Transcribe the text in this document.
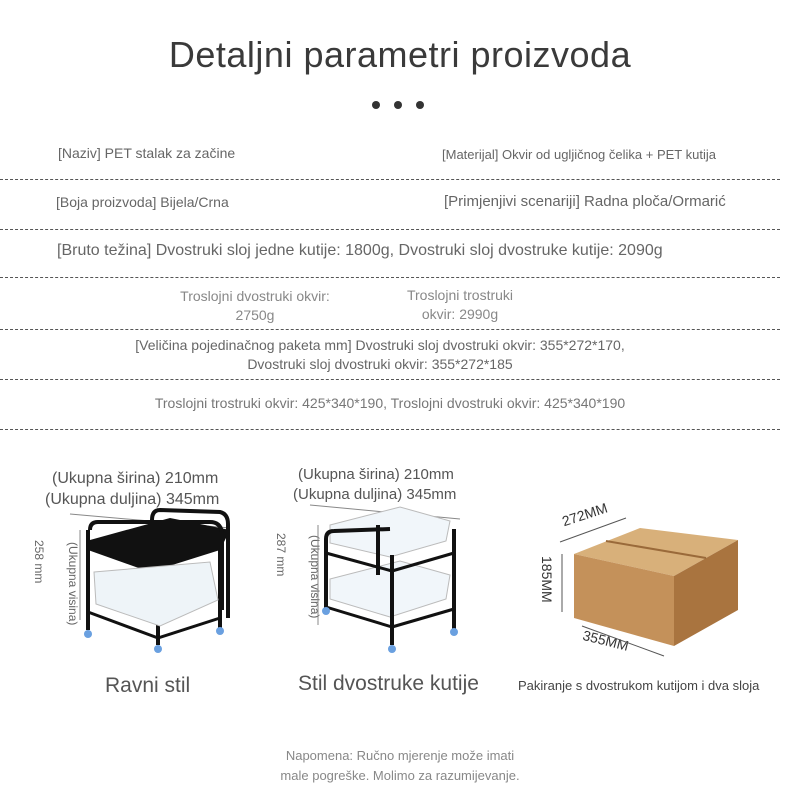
Detaljni parametri proizvoda
[Naziv] PET stalak za začine	[Materijal] Okvir od ugljičnog čelika + PET kutija
[Boja proizvoda] Bijela/Crna	[Primjenjivi scenariji] Radna ploča/Ormarić
[Bruto težina] Dvostruki sloj jedne kutije: 1800g, Dvostruki sloj dvostruke kutije: 2090g
Troslojni dvostruki okvir:
2750g
Troslojni trostruki
okvir: 2990g
[Veličina pojedinačnog paketa mm] Dvostruki sloj dvostruki okvir: 355*272*170,
Dvostruki sloj dvostruki okvir: 355*272*185
Troslojni trostruki okvir: 425*340*190, Troslojni dvostruki okvir: 425*340*190
(Ukupna širina) 210mm
(Ukupna duljina) 345mm
258 mm (Ukupna visina)
Ravni stil
(Ukupna širina) 210mm
(Ukupna duljina) 345mm
287 mm (Ukupna visina)
Stil dvostruke kutije
272MM
185MM
355MM
Pakiranje s dvostrukom kutijom i dva sloja
Napomena: Ručno mjerenje može imati
male pogreške. Molimo za razumijevanje.
